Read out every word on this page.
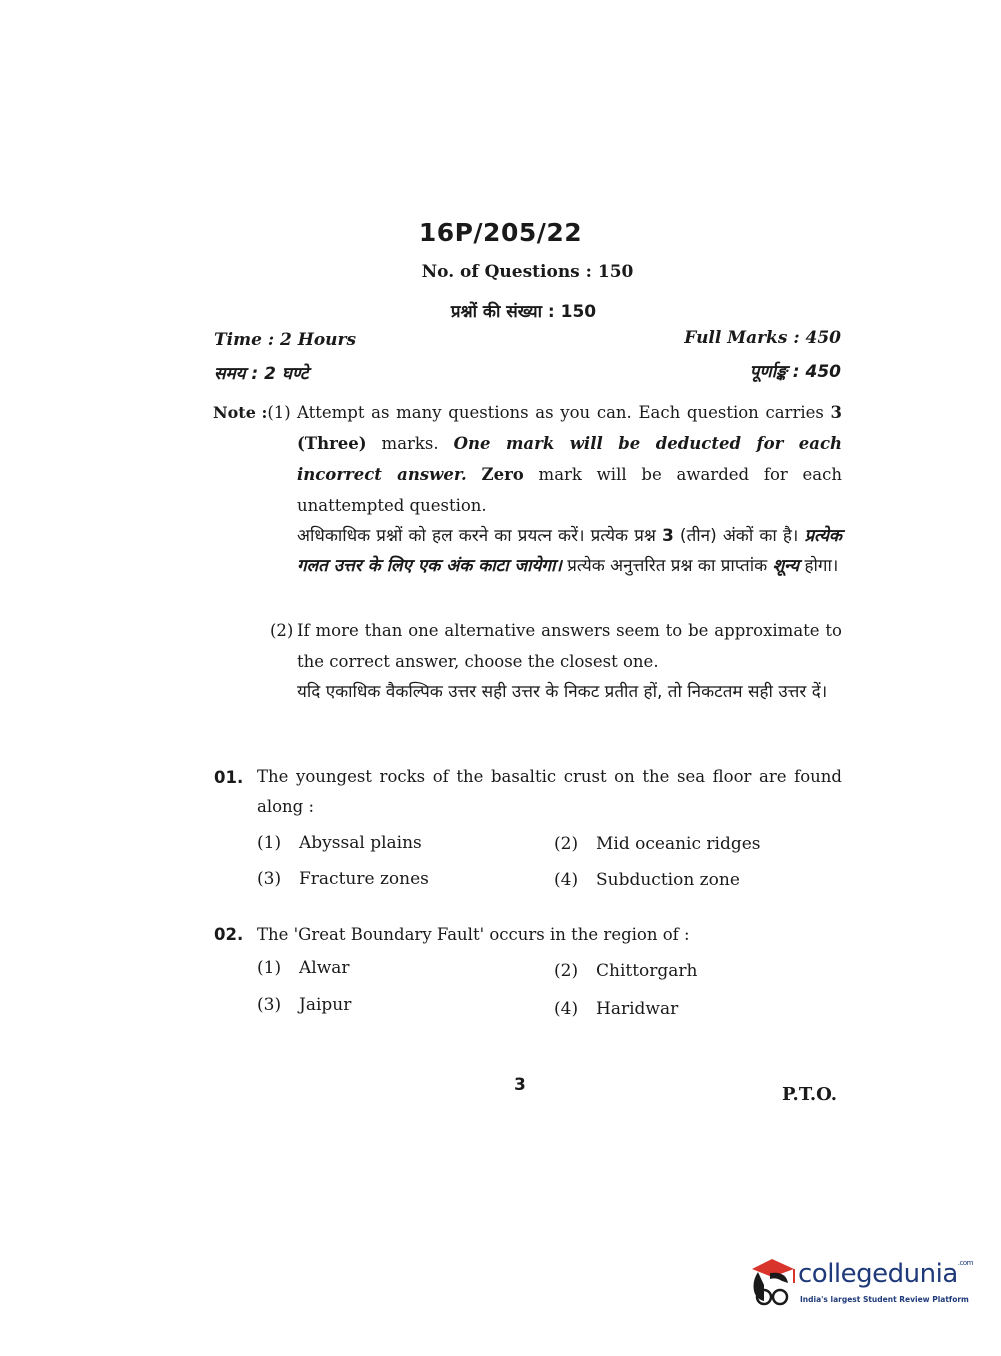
16P/205/22
No. of Questions : 150
प्रश्नों की संख्या : 150
Time : 2 Hours
समय : 2 घण्टे
Full Marks : 450
पूर्णाङ्क : 450
Note :(1) Attempt as many questions as you can. Each question carries 3 (Three) marks. One mark will be deducted for each incorrect answer. Zero mark will be awarded for each unattempted question.
अधिकाधिक प्रश्नों को हल करने का प्रयत्न करें। प्रत्येक प्रश्न 3 (तीन) अंकों का है। प्रत्येक गलत उत्तर के लिए एक अंक काटा जायेगा। प्रत्येक अनुत्तरित प्रश्न का प्राप्तांक शून्य होगा।
(2) If more than one alternative answers seem to be approximate to the correct answer, choose the closest one.
यदि एकाधिक वैकल्पिक उत्तर सही उत्तर के निकट प्रतीत हों, तो निकटतम सही उत्तर दें।
01. The youngest rocks of the basaltic crust on the sea floor are found along :
(1) Abyssal plains	(2) Mid oceanic ridges
(3) Fracture zones	(4) Subduction zone
02. The 'Great Boundary Fault' occurs in the region of :
(1) Alwar	(2) Chittorgarh
(3) Jaipur	(4) Haridwar
3	P.T.O.
collegedunia$^{.com}$
India's largest Student Review Platform
